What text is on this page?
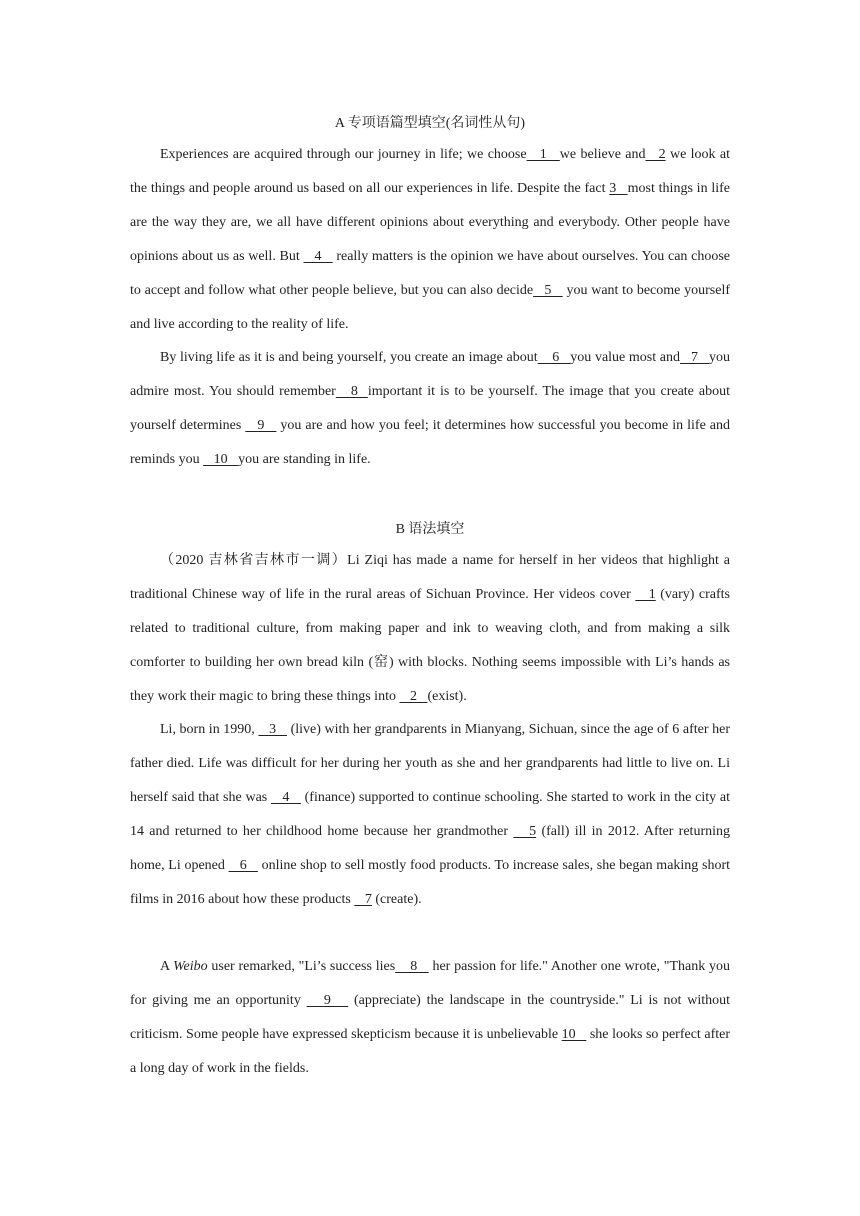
A 专项语篇型填空(名词性从句)

Experiences are acquired through our journey in life; we choose   1   we believe and   2 we look at the things and people around us based on all our experiences in life. Despite the fact 3   most things in life are the way they are, we all have different opinions about everything and everybody. Other people have opinions about us as well. But    4    really matters is the opinion we have about ourselves. You can choose to accept and follow what other people believe, but you can also decide   5    you want to become yourself and live according to the reality of life.

By living life as it is and being yourself, you create an image about    6   you value most and   7   you admire most. You should remember   8  important it is to be yourself. The image that you create about yourself determines    9    you are and how you feel; it determines how successful you become in life and reminds you    10   you are standing in life.

B 语法填空

（2020 吉林省吉林市一调）Li Ziqi has made a name for herself in her videos that highlight a traditional Chinese way of life in the rural areas of Sichuan Province. Her videos cover    1 (vary) crafts related to traditional culture, from making paper and ink to weaving cloth, and from making a silk comforter to building her own bread kiln (窑) with blocks. Nothing seems impossible with Li’s hands as they work their magic to bring these things into    2   (exist).

Li, born in 1990,    3    (live) with her grandparents in Mianyang, Sichuan, since the age of 6 after her father died. Life was difficult for her during her youth as she and her grandparents had little to live on. Li herself said that she was    4    (finance) supported to continue schooling. She started to work in the city at 14 and returned to her childhood home because her grandmother    5 (fall) ill in 2012. After returning home, Li opened    6    online shop to sell mostly food products. To increase sales, she began making short films in 2016 about how these products    7 (create).

A Weibo user remarked, "Li’s success lies    8    her passion for life." Another one wrote, "Thank you for giving me an opportunity    9    (appreciate) the landscape in the countryside." Li is not without criticism. Some people have expressed skepticism because it is unbelievable 10    she looks so perfect after a long day of work in the fields.
